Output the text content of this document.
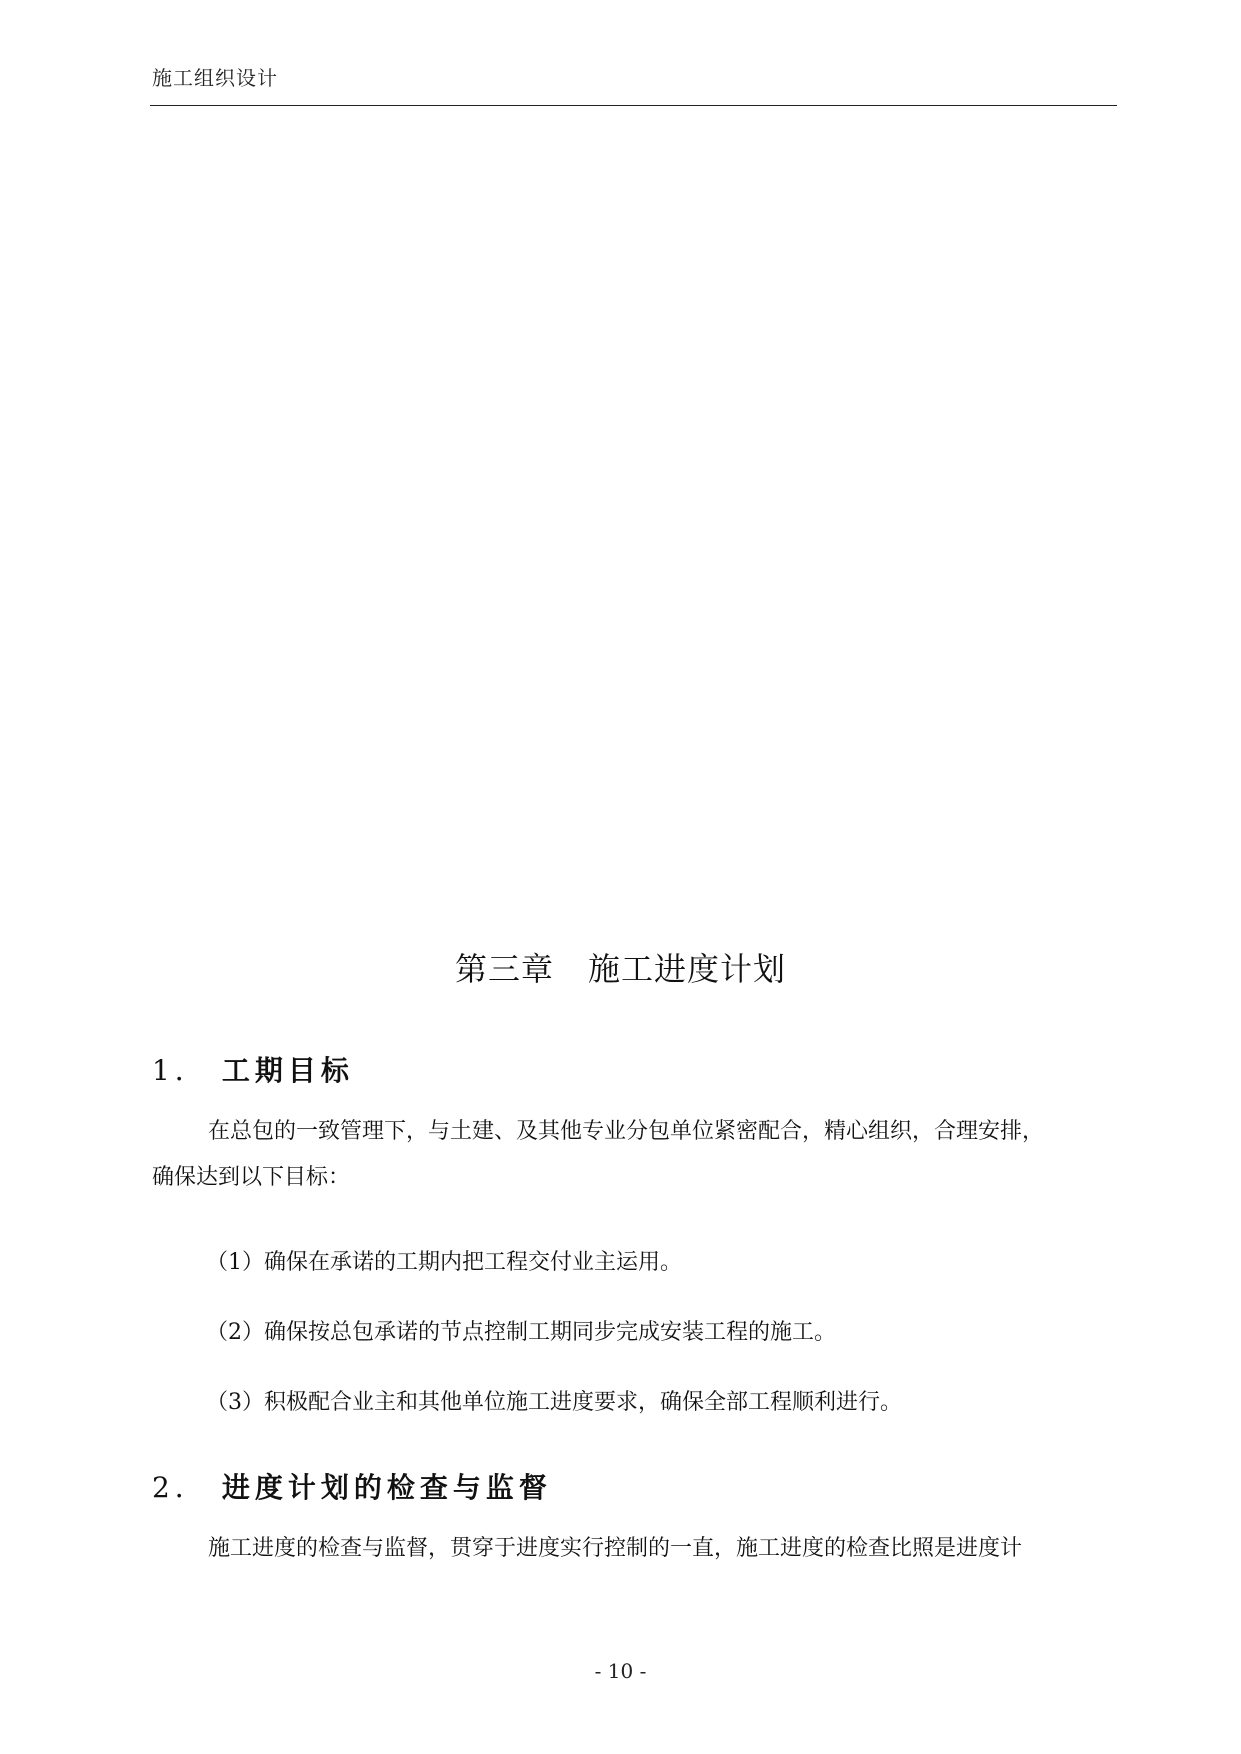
施工组织设计
第三章 施工进度计划
1． 工期目标
在总包的一致管理下，与土建、及其他专业分包单位紧密配合，精心组织，合理安排，
确保达到以下目标：
（1）确保在承诺的工期内把工程交付业主运用。
（2）确保按总包承诺的节点控制工期同步完成安装工程的施工。
（3）积极配合业主和其他单位施工进度要求，确保全部工程顺利进行。
2． 进度计划的检查与监督
施工进度的检查与监督，贯穿于进度实行控制的一直，施工进度的检查比照是进度计
- 10 -
